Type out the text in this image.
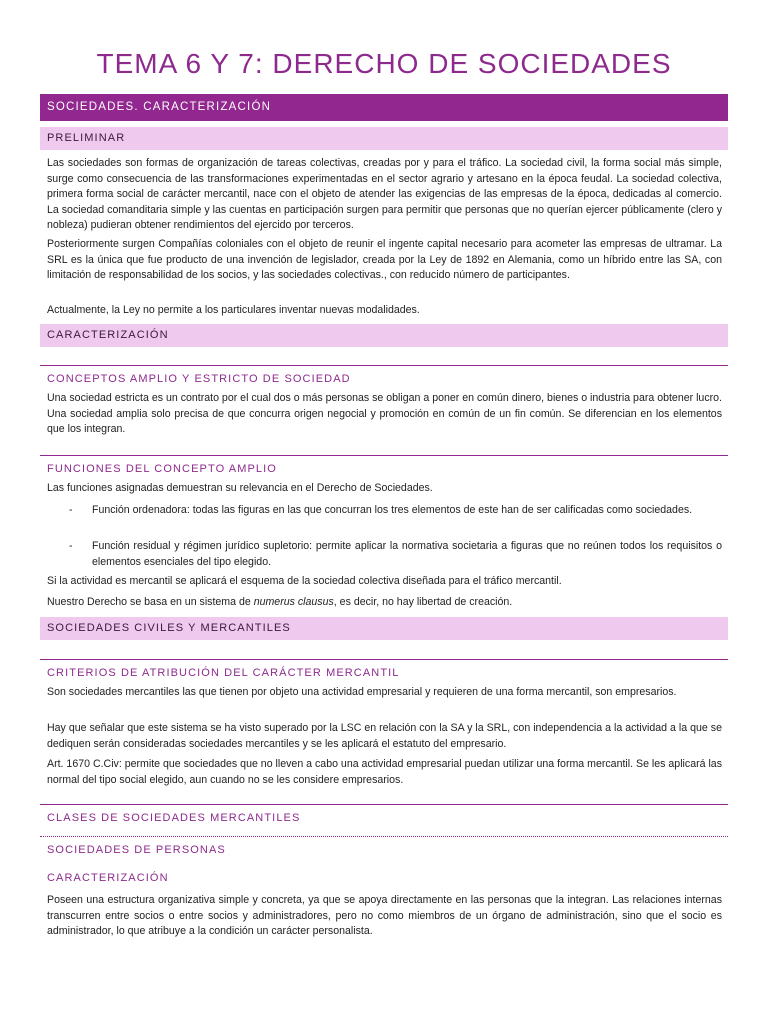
TEMA 6 Y 7: DERECHO DE SOCIEDADES
SOCIEDADES. CARACTERIZACIÓN
PRELIMINAR

Las sociedades son formas de organización de tareas colectivas, creadas por y para el tráfico. La sociedad civil, la forma social más simple, surge como consecuencia de las transformaciones experimentadas en el sector agrario y artesano en la época feudal. La sociedad colectiva, primera forma social de carácter mercantil, nace con el objeto de atender las exigencias de las empresas de la época, dedicadas al comercio. La sociedad comanditaria simple y las cuentas en participación surgen para permitir que personas que no querían ejercer públicamente (clero y nobleza) pudieran obtener rendimientos del ejercido por terceros.

Posteriormente surgen Compañías coloniales con el objeto de reunir el ingente capital necesario para acometer las empresas de ultramar. La SRL es la única que fue producto de una invención de legislador, creada por la Ley de 1892 en Alemania, como un híbrido entre las SA, con limitación de responsabilidad de los socios, y las sociedades colectivas., con reducido número de participantes.

Actualmente, la Ley no permite a los particulares inventar nuevas modalidades.

CARACTERIZACIÓN
CONCEPTOS AMPLIO Y ESTRICTO DE SOCIEDAD

Una sociedad estricta es un contrato por el cual dos o más personas se obligan a poner en común dinero, bienes o industria para obtener lucro. Una sociedad amplia solo precisa de que concurra origen negocial y promoción en común de un fin común. Se diferencian en los elementos que los integran.

FUNCIONES DEL CONCEPTO AMPLIO

Las funciones asignadas demuestran su relevancia en el Derecho de Sociedades.

- Función ordenadora: todas las figuras en las que concurran los tres elementos de este han de ser calificadas como sociedades.
- Función residual y régimen jurídico supletorio: permite aplicar la normativa societaria a figuras que no reúnen todos los requisitos o elementos esenciales del tipo elegido.

Si la actividad es mercantil se aplicará el esquema de la sociedad colectiva diseñada para el tráfico mercantil.

Nuestro Derecho se basa en un sistema de numerus clausus, es decir, no hay libertad de creación.

SOCIEDADES CIVILES Y MERCANTILES
CRITERIOS DE ATRIBUCIÓN DEL CARÁCTER MERCANTIL

Son sociedades mercantiles las que tienen por objeto una actividad empresarial y requieren de una forma mercantil, son empresarios.

Hay que señalar que este sistema se ha visto superado por la LSC en relación con la SA y la SRL, con independencia a la actividad a la que se dediquen serán consideradas sociedades mercantiles y se les aplicará el estatuto del empresario.

Art. 1670 C.Civ: permite que sociedades que no lleven a cabo una actividad empresarial puedan utilizar una forma mercantil. Se les aplicará las normal del tipo social elegido, aun cuando no se les considere empresarios.

CLASES DE SOCIEDADES MERCANTILES
SOCIEDADES DE PERSONAS
CARACTERIZACIÓN

Poseen una estructura organizativa simple y concreta, ya que se apoya directamente en las personas que la integran. Las relaciones internas transcurren entre socios o entre socios y administradores, pero no como miembros de un órgano de administración, sino que el socio es administrador, lo que atribuye a la condición un carácter personalista.
